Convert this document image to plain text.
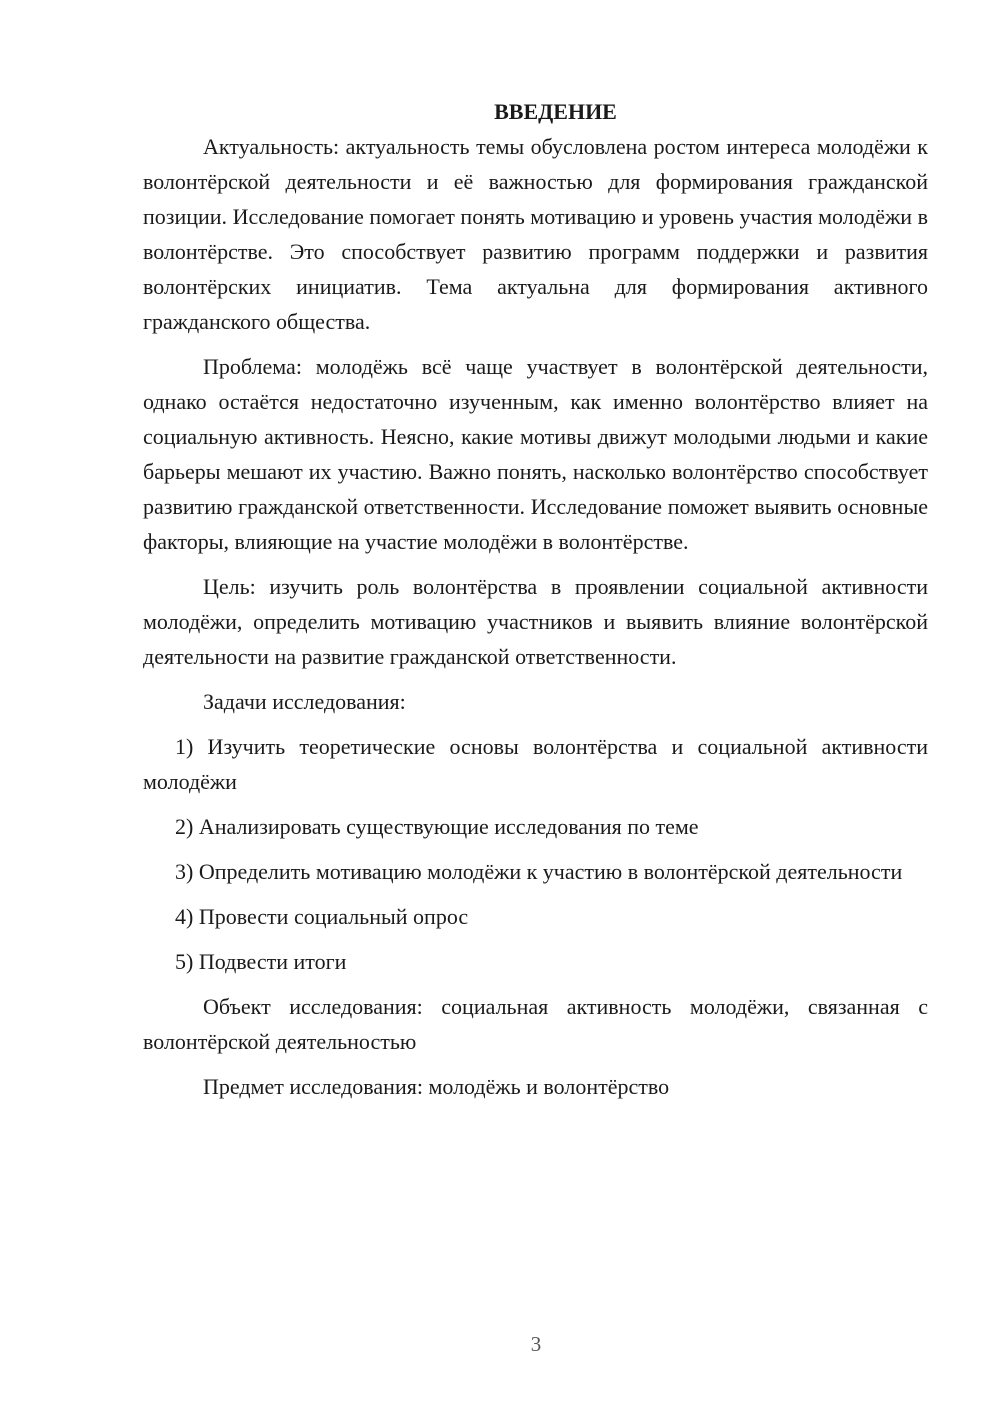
ВВЕДЕНИЕ

Актуальность: актуальность темы обусловлена ростом интереса молодёжи к волонтёрской деятельности и её важностью для формирования гражданской позиции. Исследование помогает понять мотивацию и уровень участия молодёжи в волонтёрстве. Это способствует развитию программ поддержки и развития волонтёрских инициатив. Тема актуальна для формирования активного гражданского общества.

Проблема: молодёжь всё чаще участвует в волонтёрской деятельности, однако остаётся недостаточно изученным, как именно волонтёрство влияет на социальную активность. Неясно, какие мотивы движут молодыми людьми и какие барьеры мешают их участию. Важно понять, насколько волонтёрство способствует развитию гражданской ответственности. Исследование поможет выявить основные факторы, влияющие на участие молодёжи в волонтёрстве.

Цель: изучить роль волонтёрства в проявлении социальной активности молодёжи, определить мотивацию участников и выявить влияние волонтёрской деятельности на развитие гражданской ответственности.

Задачи исследования:

1) Изучить теоретические основы волонтёрства и социальной активности молодёжи

2) Анализировать существующие исследования по теме

3) Определить мотивацию молодёжи к участию в волонтёрской деятельности

4) Провести социальный опрос

5) Подвести итоги

Объект исследования: социальная активность молодёжи, связанная с волонтёрской деятельностью

Предмет исследования: молодёжь и волонтёрство

3
